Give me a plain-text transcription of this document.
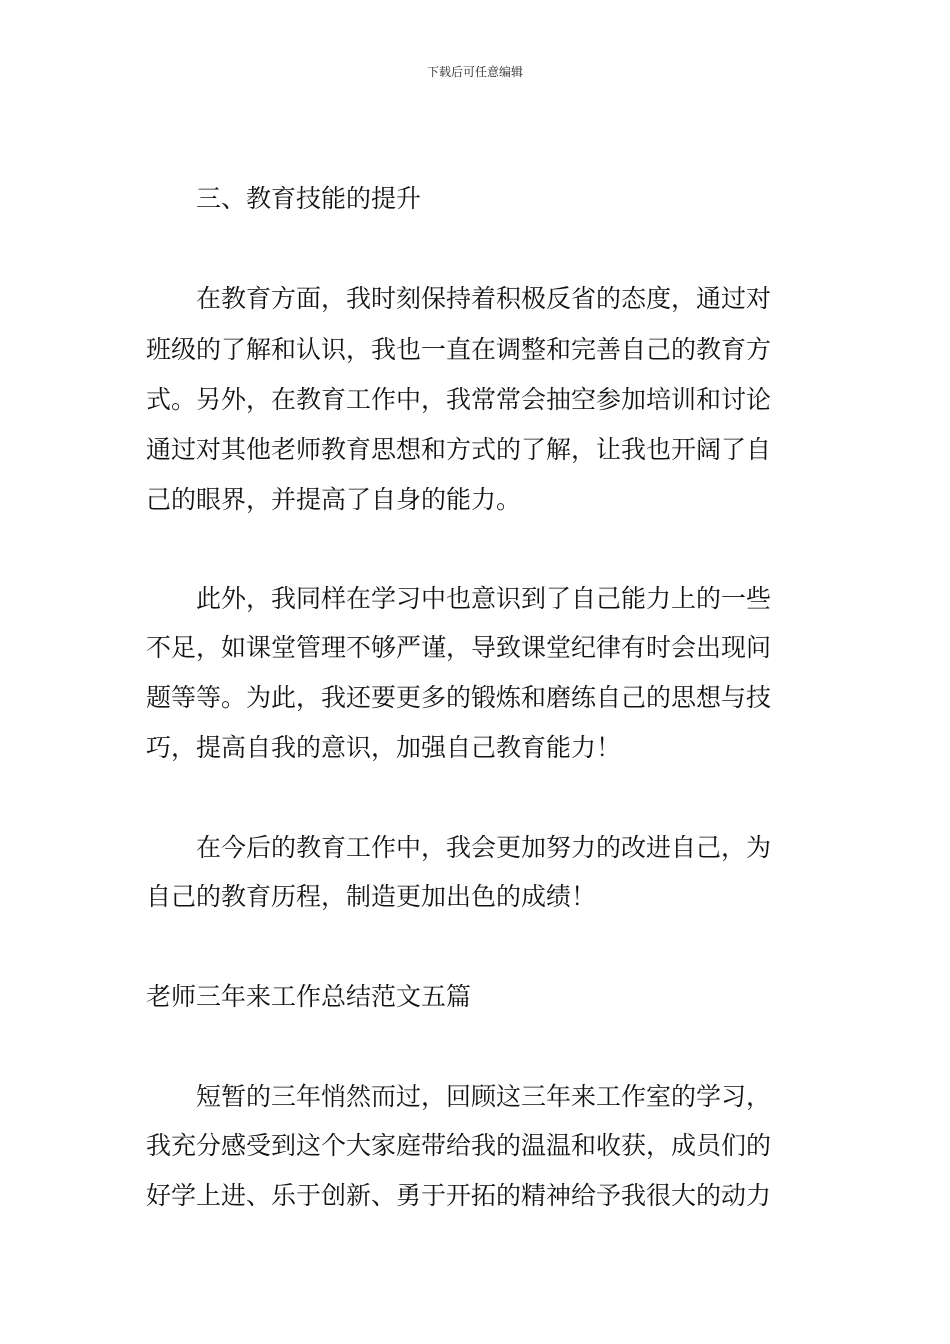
下载后可任意编辑
三、教育技能的提升
在教育方面，我时刻保持着积极反省的态度，通过对
班级的了解和认识，我也一直在调整和完善自己的教育方
式。另外，在教育工作中，我常常会抽空参加培训和讨论
通过对其他老师教育思想和方式的了解，让我也开阔了自
己的眼界，并提高了自身的能力。
此外，我同样在学习中也意识到了自己能力上的一些
不足，如课堂管理不够严谨，导致课堂纪律有时会出现问
题等等。为此，我还要更多的锻炼和磨练自己的思想与技
巧，提高自我的意识，加强自己教育能力！
在今后的教育工作中，我会更加努力的改进自己，为
自己的教育历程，制造更加出色的成绩！
老师三年来工作总结范文五篇
短暂的三年悄然而过，回顾这三年来工作室的学习，
我充分感受到这个大家庭带给我的温温和收获，成员们的
好学上进、乐于创新、勇于开拓的精神给予我很大的动力
